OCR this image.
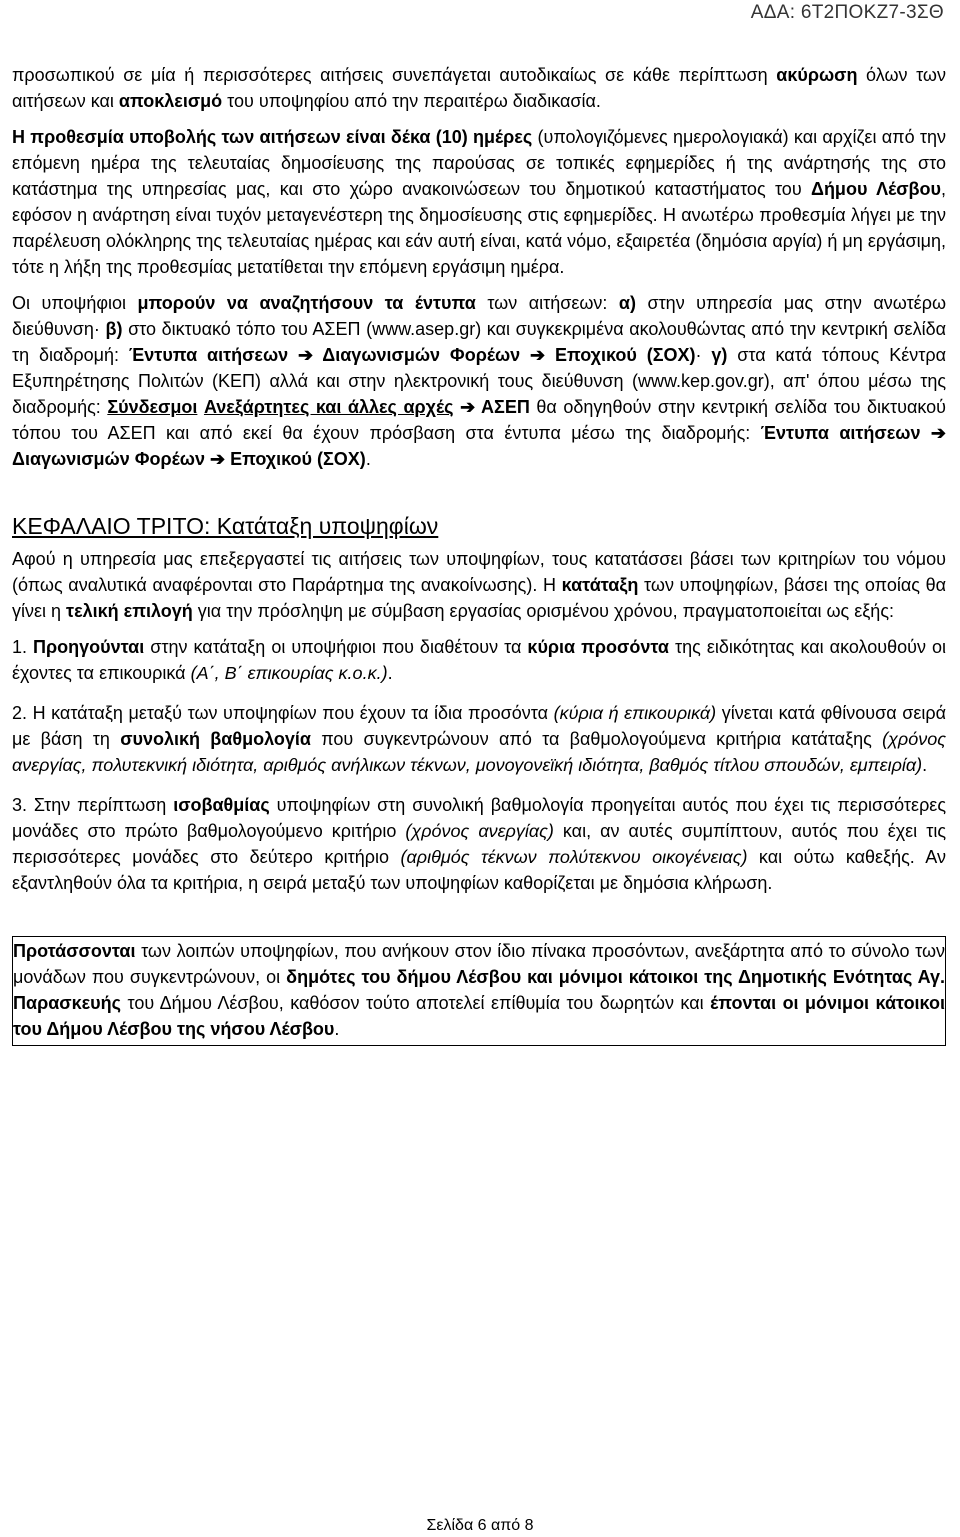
ΑΔΑ: 6Τ2ΠΟΚΖ7-3ΣΘ

προσωπικού σε μία ή περισσότερες αιτήσεις συνεπάγεται αυτοδικαίως σε κάθε περίπτωση ακύρωση όλων των αιτήσεων και αποκλεισμό του υποψηφίου από την περαιτέρω διαδικασία.

Η προθεσμία υποβολής των αιτήσεων είναι δέκα (10) ημέρες (υπολογιζόμενες ημερολογιακά) και αρχίζει από την επόμενη ημέρα της τελευταίας δημοσίευσης της παρούσας σε τοπικές εφημερίδες ή της ανάρτησής της στο κατάστημα της υπηρεσίας μας, και στο χώρο ανακοινώσεων του δημοτικού καταστήματος του Δήμου Λέσβου, εφόσον η ανάρτηση είναι τυχόν μεταγενέστερη της δημοσίευσης στις εφημερίδες. Η ανωτέρω προθεσμία λήγει με την παρέλευση ολόκληρης της τελευταίας ημέρας και εάν αυτή είναι, κατά νόμο, εξαιρετέα (δημόσια αργία) ή μη εργάσιμη, τότε η λήξη της προθεσμίας μετατίθεται την επόμενη εργάσιμη ημέρα.

Οι υποψήφιοι μπορούν να αναζητήσουν τα έντυπα των αιτήσεων: α) στην υπηρεσία μας στην ανωτέρω διεύθυνση· β) στο δικτυακό τόπο του ΑΣΕΠ (www.asep.gr) και συγκεκριμένα ακολουθώντας από την κεντρική σελίδα τη διαδρομή: Έντυπα αιτήσεων ➔ Διαγωνισμών Φορέων ➔ Εποχικού (ΣΟΧ)· γ) στα κατά τόπους Κέντρα Εξυπηρέτησης Πολιτών (ΚΕΠ) αλλά και στην ηλεκτρονική τους διεύθυνση (www.kep.gov.gr), απ' όπου μέσω της διαδρομής: Σύνδεσμοι Ανεξάρτητες και άλλες αρχές ➔ ΑΣΕΠ θα οδηγηθούν στην κεντρική σελίδα του δικτυακού τόπου του ΑΣΕΠ και από εκεί θα έχουν πρόσβαση στα έντυπα μέσω της διαδρομής: Έντυπα αιτήσεων ➔ Διαγωνισμών Φορέων ➔ Εποχικού (ΣΟΧ).

ΚΕΦΑΛΑΙΟ ΤΡΙΤΟ: Κατάταξη υποψηφίων

Αφού η υπηρεσία μας επεξεργαστεί τις αιτήσεις των υποψηφίων, τους κατατάσσει βάσει των κριτηρίων του νόμου (όπως αναλυτικά αναφέρονται στο Παράρτημα της ανακοίνωσης). Η κατάταξη των υποψηφίων, βάσει της οποίας θα γίνει η τελική επιλογή για την πρόσληψη με σύμβαση εργασίας ορισμένου χρόνου, πραγματοποιείται ως εξής:

1. Προηγούνται στην κατάταξη οι υποψήφιοι που διαθέτουν τα κύρια προσόντα της ειδικότητας και ακολουθούν οι έχοντες τα επικουρικά (Α΄, Β΄ επικουρίας κ.ο.κ.).

2. Η κατάταξη μεταξύ των υποψηφίων που έχουν τα ίδια προσόντα (κύρια ή επικουρικά) γίνεται κατά φθίνουσα σειρά με βάση τη συνολική βαθμολογία που συγκεντρώνουν από τα βαθμολογούμενα κριτήρια κατάταξης (χρόνος ανεργίας, πολυτεκνική ιδιότητα, αριθμός ανήλικων τέκνων, μονογονεϊκή ιδιότητα, βαθμός τίτλου σπουδών, εμπειρία).

3. Στην περίπτωση ισοβαθμίας υποψηφίων στη συνολική βαθμολογία προηγείται αυτός που έχει τις περισσότερες μονάδες στο πρώτο βαθμολογούμενο κριτήριο (χρόνος ανεργίας) και, αν αυτές συμπίπτουν, αυτός που έχει τις περισσότερες μονάδες στο δεύτερο κριτήριο (αριθμός τέκνων πολύτεκνου οικογένειας) και ούτω καθεξής. Αν εξαντληθούν όλα τα κριτήρια, η σειρά μεταξύ των υποψηφίων καθορίζεται με δημόσια κλήρωση.

Προτάσσονται των λοιπών υποψηφίων, που ανήκουν στον ίδιο πίνακα προσόντων, ανεξάρτητα από το σύνολο των μονάδων που συγκεντρώνουν, οι δημότες του δήμου Λέσβου και μόνιμοι κάτοικοι της Δημοτικής Ενότητας Αγ. Παρασκευής του Δήμου Λέσβου, καθόσον τούτο αποτελεί επίθυμία του δωρητών και έπονται οι μόνιμοι κάτοικοι του Δήμου Λέσβου της νήσου Λέσβου.

Σελίδα 6 από 8
